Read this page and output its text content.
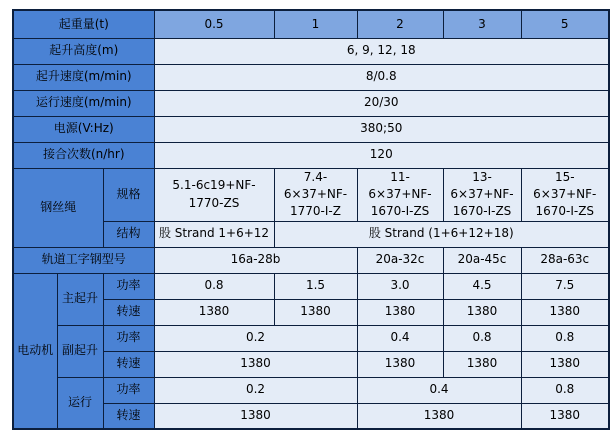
起重量(t)			0.5	1	2	3	5
起升高度(m)			6, 9, 12, 18				
起升速度(m/min)			8/0.8				
运行速度(m/min)			20/30				
电源(V:Hz)			380;50				
接合次数(n/hr)			120				
钢丝绳		规格	5.1-6c19+NF-1770-ZS	7.4-6×37+NF-1770-I-Z	11-6×37+NF-1670-I-ZS	13-6×37+NF-1670-I-ZS	15-6×37+NF-1670-I-ZS
		结构	股 Strand 1+6+12	股 Strand (1+6+12+18)			
轨道工字钢型号			16a-28b		20a-32c	20a-45c	28a-63c
电动机	主起升	功率	0.8	1.5	3.0	4.5	7.5
		转速	1380	1380	1380	1380	1380
	副起升	功率	0.2		0.4	0.8	0.8
		转速	1380		1380	1380	1380
	运行	功率	0.2		0.4		0.8
		转速	1380		1380		1380
